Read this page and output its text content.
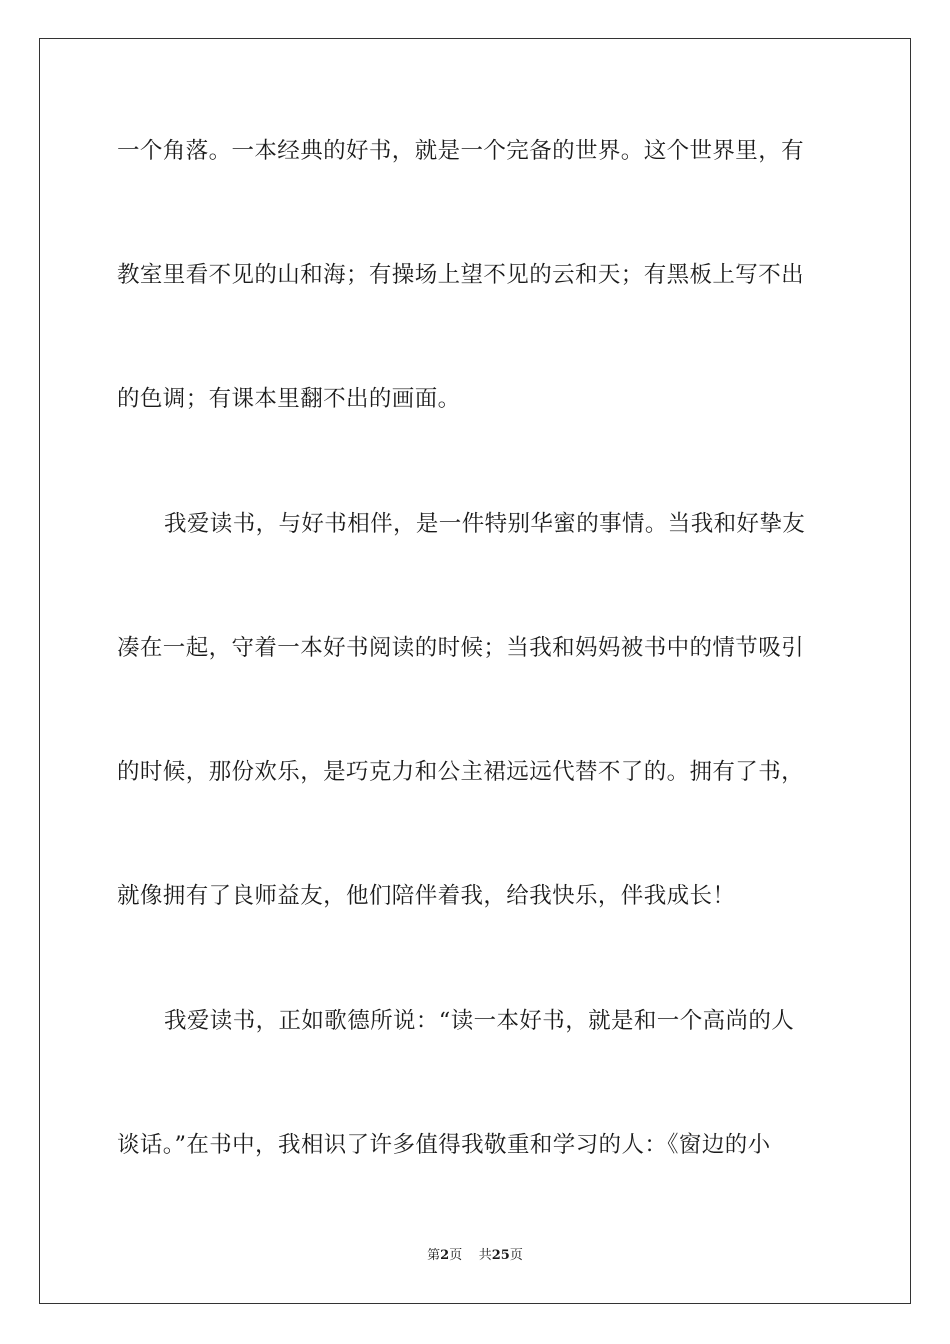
一个角落。一本经典的好书，就是一个完备的世界。这个世界里，有
教室里看不见的山和海；有操场上望不见的云和天；有黑板上写不出
的色调；有课本里翻不出的画面。
我爱读书，与好书相伴，是一件特别华蜜的事情。当我和好挚友
凑在一起，守着一本好书阅读的时候；当我和妈妈被书中的情节吸引
的时候，那份欢乐，是巧克力和公主裙远远代替不了的。拥有了书，
就像拥有了良师益友，他们陪伴着我，给我快乐，伴我成长！
我爱读书，正如歌德所说：“读一本好书，就是和一个高尚的人
谈话。”在书中，我相识了许多值得我敬重和学习的人：《窗边的小
第2页 共25页
